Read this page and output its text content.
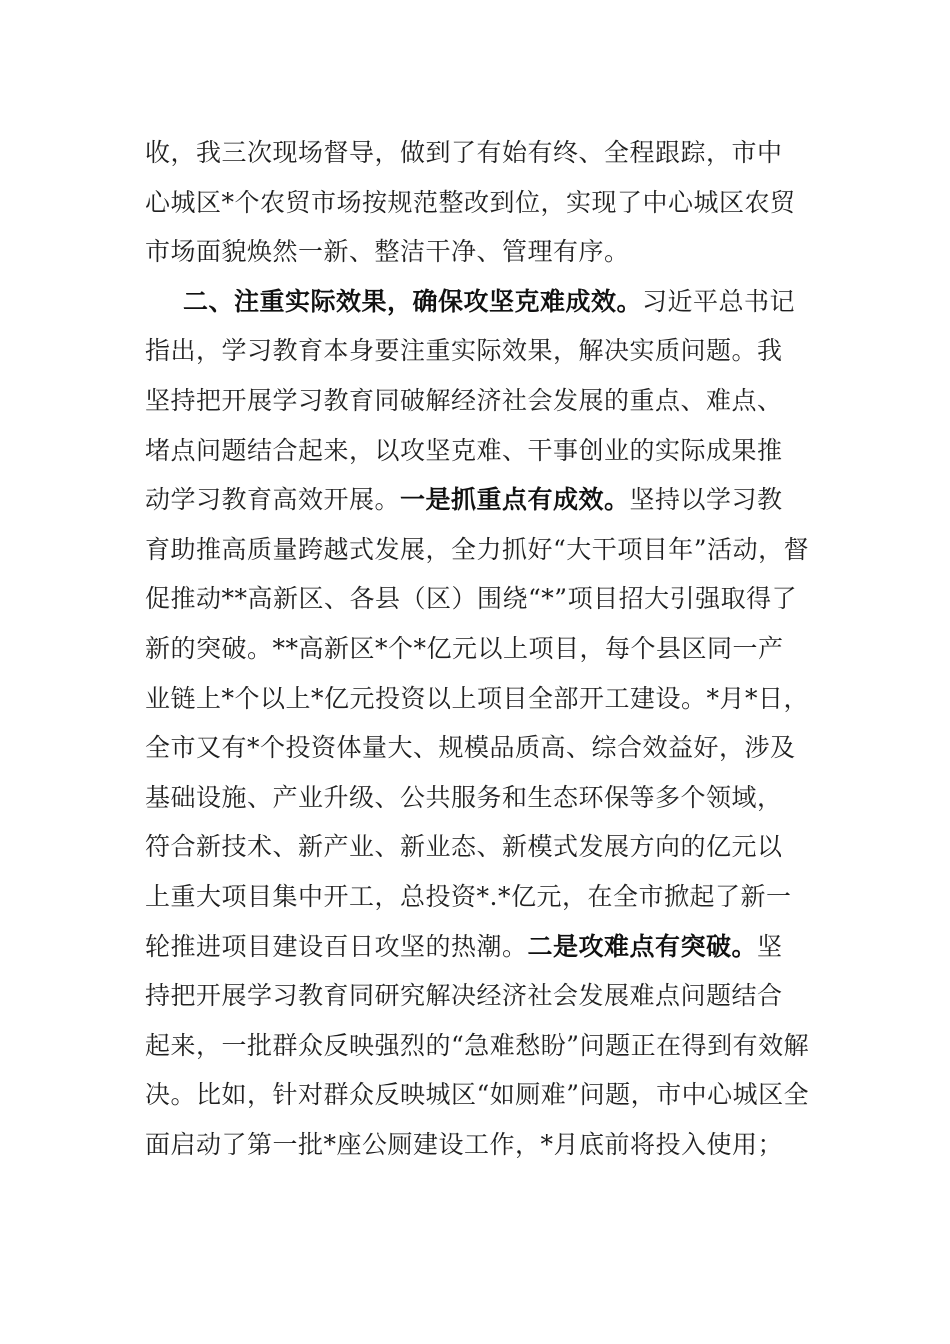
收，我三次现场督导，做到了有始有终、全程跟踪，市中
心城区*个农贸市场按规范整改到位，实现了中心城区农贸
市场面貌焕然一新、整洁干净、管理有序。
二、注重实际效果，确保攻坚克难成效。习近平总书记
指出，学习教育本身要注重实际效果，解决实质问题。我
坚持把开展学习教育同破解经济社会发展的重点、难点、
堵点问题结合起来，以攻坚克难、干事创业的实际成果推
动学习教育高效开展。一是抓重点有成效。坚持以学习教
育助推高质量跨越式发展，全力抓好“大干项目年”活动，督
促推动**高新区、各县（区）围绕“*”项目招大引强取得了
新的突破。**高新区*个*亿元以上项目，每个县区同一产
业链上*个以上*亿元投资以上项目全部开工建设。*月*日，
全市又有*个投资体量大、规模品质高、综合效益好，涉及
基础设施、产业升级、公共服务和生态环保等多个领域，
符合新技术、新产业、新业态、新模式发展方向的亿元以
上重大项目集中开工，总投资*.*亿元，在全市掀起了新一
轮推进项目建设百日攻坚的热潮。二是攻难点有突破。坚
持把开展学习教育同研究解决经济社会发展难点问题结合
起来，一批群众反映强烈的“急难愁盼”问题正在得到有效解
决。比如，针对群众反映城区“如厕难”问题，市中心城区全
面启动了第一批*座公厕建设工作，*月底前将投入使用；
